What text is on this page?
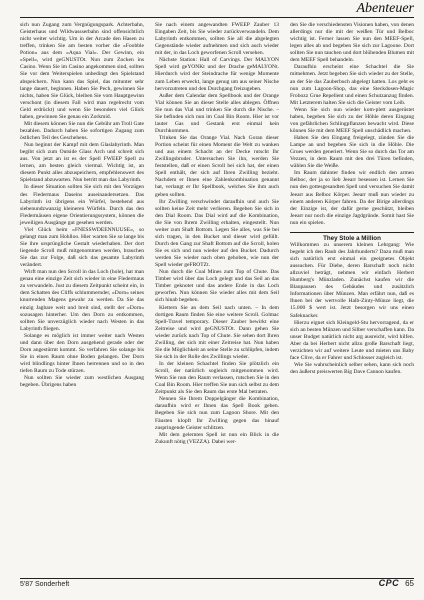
Abenteuer

sich nun Zugang zum Vergnügungspark. Achterbahn, Geisterhaus und Wildwassserbahn sind offensichtlich nicht weiter wichtig. Um in der Arcade den Hasen zu treffen, trinken Sie am besten vorher die »Foobble Potion« aus dem »Aqua Vial«. Der Gewinn, ein »Spell«, wird geGNUSTOt. Nun zum Zocken ins Casino. Wenn Sie im Casino angekommen sind, sollten Sie vor dem Weiterspielen unbedingt den Spielstand abspeichern. Nun kann das Spiel, das mitunter sehr lange dauert, beginnen. Haben Sie Pech, gewinnen Sie nichts, haben Sie Glück, bleiben Sie vom Hauptgewinn verschont (in diesem Fall wird man regelrecht vom Geld erdrückt) und wenn Sie besonders viel Glück haben, gewinnen Sie genau ein Zorkmid.

Mit diesem können Sie nun die Gebühr am Troll Gate bezahlen. Dadurch haben Sie sofortigen Zugang zum östlichen Teil des Geschehens.

Nun beginnt der Kampf mit dem Glaslabyrinth. Man begibt sich zum Outside Glass Arch und schreit sich aus. Von jetzt an ist es der Spell FWEEP Spell zu lernen, am besten gleich viermal. Wichtig ist, an diesem Punkt alles abzuspeichern, empfehlenswert des Spielstand abzuwarten. Nun betritt man das Labyrinth.

In dieser Situation sollten Sie sich mit den Vorzügen des Fledermaus Daseins auseinandersetzen. Das Labyrinth ist übrigens ein Würfel, bestehend aus siebenundzwanzig kleineren Würfeln. Durch das den Fledermäusen eigene Orientierungssystem, können die jeweiligen Ausgänge gut gesehen werden.

Viel Glück beim »FNESSWDEENNUUSE«, so gelangt man zum Hohlloo. Hier warten Sie so lange bis Sie ihre ursprüngliche Gestalt wiederhaben. Der dort liegende Scroll muß mitgenommen werden, brauchen Sie das zur Folge, daß sich das gesamte Labyrinth verändert.

Wirft man nun den Scroll in das Loch (hole), hat man genau eine einzige Zeit sich wieder in eine Fledermaus zu verwandeln. Just zu diesem Zeitpunkt scheint ein, in dem Schatten des Cliffs schlummernder, »Dorn« seines knurrenden Magens gewahr zu werden. Da Sie das einzig Jagbare weit und breit sind, stellt der »Dorn« sozusagen hinterher. Um den Dorn zu entkommen, sollten Sie unverzüglich wieder nach Westen in das Labyrinth fliegen.

Solange es möglich ist immer weiter nach Westen und dann über den Dorn ausgehend gerade oder der Dorn angestürmt kommt. So verfahren Sie solange bis Sie in einen Raum ohne Boden gelangen. Der Dorn wird blindlings hinter Ihnen herrennen und so in den tiefen Raum zu Tode stürzen.

Nun sollten Sie wieder zum westlichen Ausgang begeben. Übrigens haben

Sie nach einem angewandten FWEEP Zauber 13 Eingaben Zeit, bis Sie wieder zurückverwandeln. Dem Labyrinth entkommen, sollten Sie all die abgelegten Gegenstände wieder aufnehmen und sich auch wieder mit der, in das Loch geworfenen Scroll versehen.

Nächste Station: Hall of Carvings. Der MALYON Spell wird geYONKt und der Drache geMALYONt. Hierdurch wird der Steindrache für wenige Momente zum Leben erweckt, lange genug um aus seiner Nische hervorzutreten und den Durchgang freizugeben.

Außer dem Calendar dem Spellbook und der Orange Vial können Sie an dieser Stelle alles ablegen. Öffnen Sie nun das Vial und trinken Sie durch die Nische. – Sie befinden sich nun im Coal Bin Room. Hier ist vor lauter Gas und Gestank erst einmal kein Durchkommen.

Trinken Sie das Orange Vial. Nach Goran dieser Portion scheint für einen Moment die Welt zu wanken und aus einem Schacht an der Decke rutscht Ihr Zwillingsbruder. Untersuchen Sie ihn, werden Sie feststellen, daß er einen Scroll bei sich hat, der einen Spell enthält, der sich auf Ihren Zwilling bezieht. Nachdem er Ihnen eine Zahlenkombination genannt hat, verlangt er Ihr Spellbook, welches Sie ihm auch geben sollten.

Ihr Zwilling verschwindet daraufhin und auch Sie sollten keine Zeit mehr verlieren. Begeben Sie sich in den Dial Room. Das Dial wird auf die Kombination, die Sie von Ihrem Zwilling erhalten, eingestellt. Nun weiter zum Shaft Bottom. Legen Sie alles, was Sie bei sich tragen, in den Bucket und dieser wird gefüllt. Durch den Gang zur Shaft Bottom auf die Scroll, holen Sie es sich und nun wieder auf den Bucket. Dadurch werden Sie wieder nach oben gehoben, wie nun der Spell wieder geFROTZt.

Nun durch die Coal Mines zum Top of Chute. Das Timber wird über das Loch gelegt und das Seil an das Timber geknotet und das andere Ende in das Loch geworfen. Nun können Sie wieder alles mit dem Seil sich hinab begeben.

Klettern Sie an dem Seil nach unten. – In dem dortigen Raum finden Sie eine weitere Scroll. Golmac Spell-Travel temporary. Dieser Zauber bewirkt eine Zeitreise und wird geGNUSTOt. Dann gehen Sie wieder zurück nach Top of Chute. Sie sehen dort Ihren Zwilling, der sich mit einer Zeitreise hat. Nun haben Sie die Möglichkeit an seine Stelle zu schlüpfen, indem Sie sich in der Rolle des Zwillings wieder.

In der kleinen Schachtel finden Sie plötzlich ein Scroll, der natürlich sogleich mitgenommen wird. Wenn Sie nun den Raum verlassen, rutschen Sie in den Coal Bin Room. Hier treffen Sie nun sich selbst zu dem Zeitpunkt als Sie den Raum das erste Mal betraten.

Nennen Sie Ihrem Doppelgänger die Kombination, daraufhin wird er Ihnen das Spell Book geben. Begeben Sie sich nun zum Lagoon Shore. Mit den Fäusten klopft Ihr Zwilling gegen das hinauf zuspringende Geister schlitzen.

Mit dem gelernten Spell ist nun ein Blick in die Zukunft nötig (VEZZA). Dabei wer-

den Sie die verschiedensten Visionen haben, von denen allerdings nur die mit der weißen Tür und Belboc wichtig ist. Ferner lassen Sie nun den MEEF-Spell, legen alles ab und begeben Sie sich zur Lagoone. Dort sollten Sie nun tauchen und dort blühenden Blumen mit dem MEEF Spell behandeln.

Daraufhin erscheint eine Schachtel die Sie mitnehmen. Jetzt begeben Sie sich wieder zu der Stelle, an der Sie das Zauberbuch abgelegt hatten. Los geht es nun zum Lagoon-Shop, das eine Steckdosen-Magic Frobozz Grue Repellent und einen Schutzanzug finden. Mit Letzterem halten Sie sich die Geister vom Leib.

Wenn Sie sich nun wieder kom-plett ausgerüstet haben, begeben Sie sich zu der Höhle deren Eingang von gefährlichen Schlingpflanzen bewacht wird. Diese können Sie mit dem MEEF Spell unschädlich machen.

Haben Sie den Eingang freigelegt, zünden Sie die Lampe an und begeben Sie sich in die Höhle. Die Grues werden generiert. Wenn Sie so durch das Tor am Vezzen, in dem Raum mit den drei Türen befinden, wählen Sie die Weiße.

Im Raum dahinter finden wir endlich den armen Belboc, der ja so lieb Jeearr besessen ist. Lernen Sie nun den gottesgesandten Spell und versuchen Sie damit Jeearr aus Belboc Körper. Jeearr muß nun wieder zu einem anderen Körper fahren. Da der Birige allerdings der Einzige ist, der dafür gerne geschützt, bleiben Jeearr nur noch die einzige Jagdgründe. Somit hast Sie nun ein spielen.

They Stole a Million

Willkommen zu unserem kleinen Lehrgang: Wie begeht ich den Raub des Jahrhunderts? Dazu muß man sich natürlich erst einmal ein geeignetes Objekt aussuchen. Für Diebe, deren Barschaft noch nicht allzuviel beträgt, nehmen wir einfach Herbert Humberg's Münzladen. Zunächst kaufen wir die Blaupausen des Gebäudes und zusätzlich Informationen über Münzen. Man erfährt nun, daß es Ihnen bei der wertvolle Halb-Zinty-Münze liegt, die 15.000 $ wert ist. Jetzt besorgen wir uns einen Safeknacker.

Hierzu eignet sich Kleingeld-Stu hervorragend, da er sich an besten Münzen und Silber verschaffen kann. Da unser Budget natürlich nicht arg ausreicht, wird hilfen. Aber da bei Herbert nicht allzu große Barschaft liegt, verzichten wir auf weitere Leute und mieten uns Baby face Clive, da er Fahrer und Schlosser zugleich ist.

Wie Sie wahrscheinlich selber sehen, kann sich noch den äußerst preiswerten Big Dave Cannon kaufen.

5'87 Sonderheft	CPC 65
